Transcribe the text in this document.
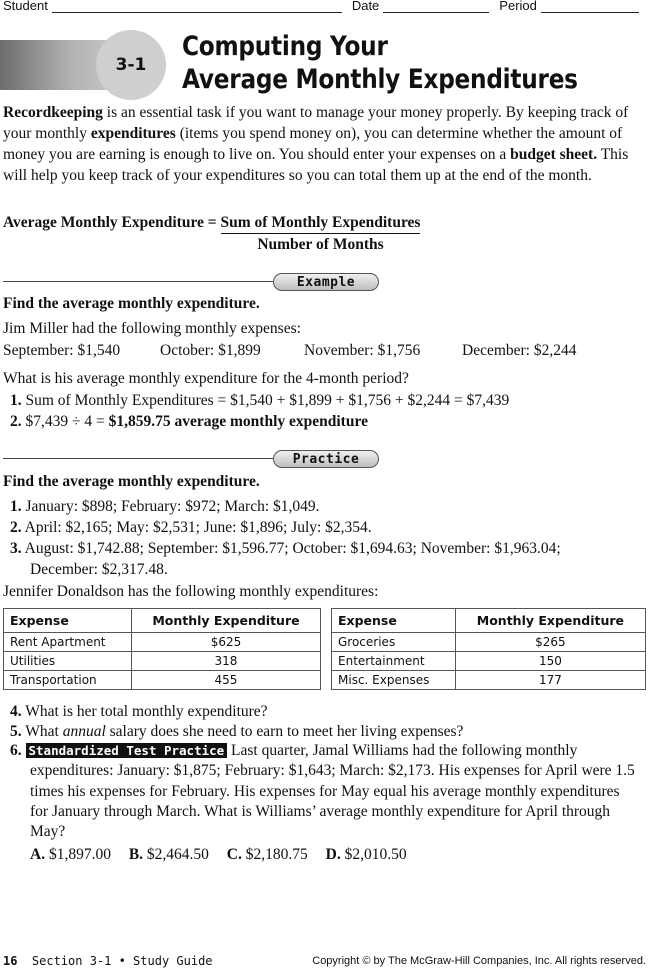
Student	Date	Period
3-1
Computing Your
Average Monthly Expenditures

Recordkeeping is an essential task if you want to manage your money properly. By keeping track of your monthly expenditures (items you spend money on), you can determine whether the amount of money you are earning is enough to live on. You should enter your expenses on a budget sheet. This will help you keep track of your expenditures so you can total them up at the end of the month.

Average Monthly Expenditure = Sum of Monthly Expenditures
Number of Months
Example
Find the average monthly expenditure.
Jim Miller had the following monthly expenses:
September: $1,540	October: $1,899	November: $1,756	December: $2,244
What is his average monthly expenditure for the 4-month period?
1. Sum of Monthly Expenditures = $1,540 + $1,899 + $1,756 + $2,244 = $7,439
2. $7,439 ÷ 4 = $1,859.75 average monthly expenditure
Practice
Find the average monthly expenditure.
1. January: $898; February: $972; March: $1,049.
2. April: $2,165; May: $2,531; June: $1,896; July: $2,354.
3. August: $1,742.88; September: $1,596.77; October: $1,694.63; November: $1,963.04;
December: $2,317.48.
Jennifer Donaldson has the following monthly expenditures:
Expense	Monthly Expenditure
Rent Apartment	$625
Utilities	318
Transportation	455
Expense	Monthly Expenditure
Groceries	$265
Entertainment	150
Misc. Expenses	177
4. What is her total monthly expenditure?
5. What annual salary does she need to earn to meet her living expenses?
6. Standardized Test Practice Last quarter, Jamal Williams had the following monthly expenditures: January: $1,875; February: $1,643; March: $2,173. His expenses for April were 1.5 times his expenses for February. His expenses for May equal his average monthly expenditures for January through March. What is Williams’ average monthly expenditure for April through May?
A. $1,897.00 B. $2,464.50 C. $2,180.75 D. $2,010.50
16 Section 3-1 • Study Guide	Copyright © by The McGraw-Hill Companies, Inc. All rights reserved.
